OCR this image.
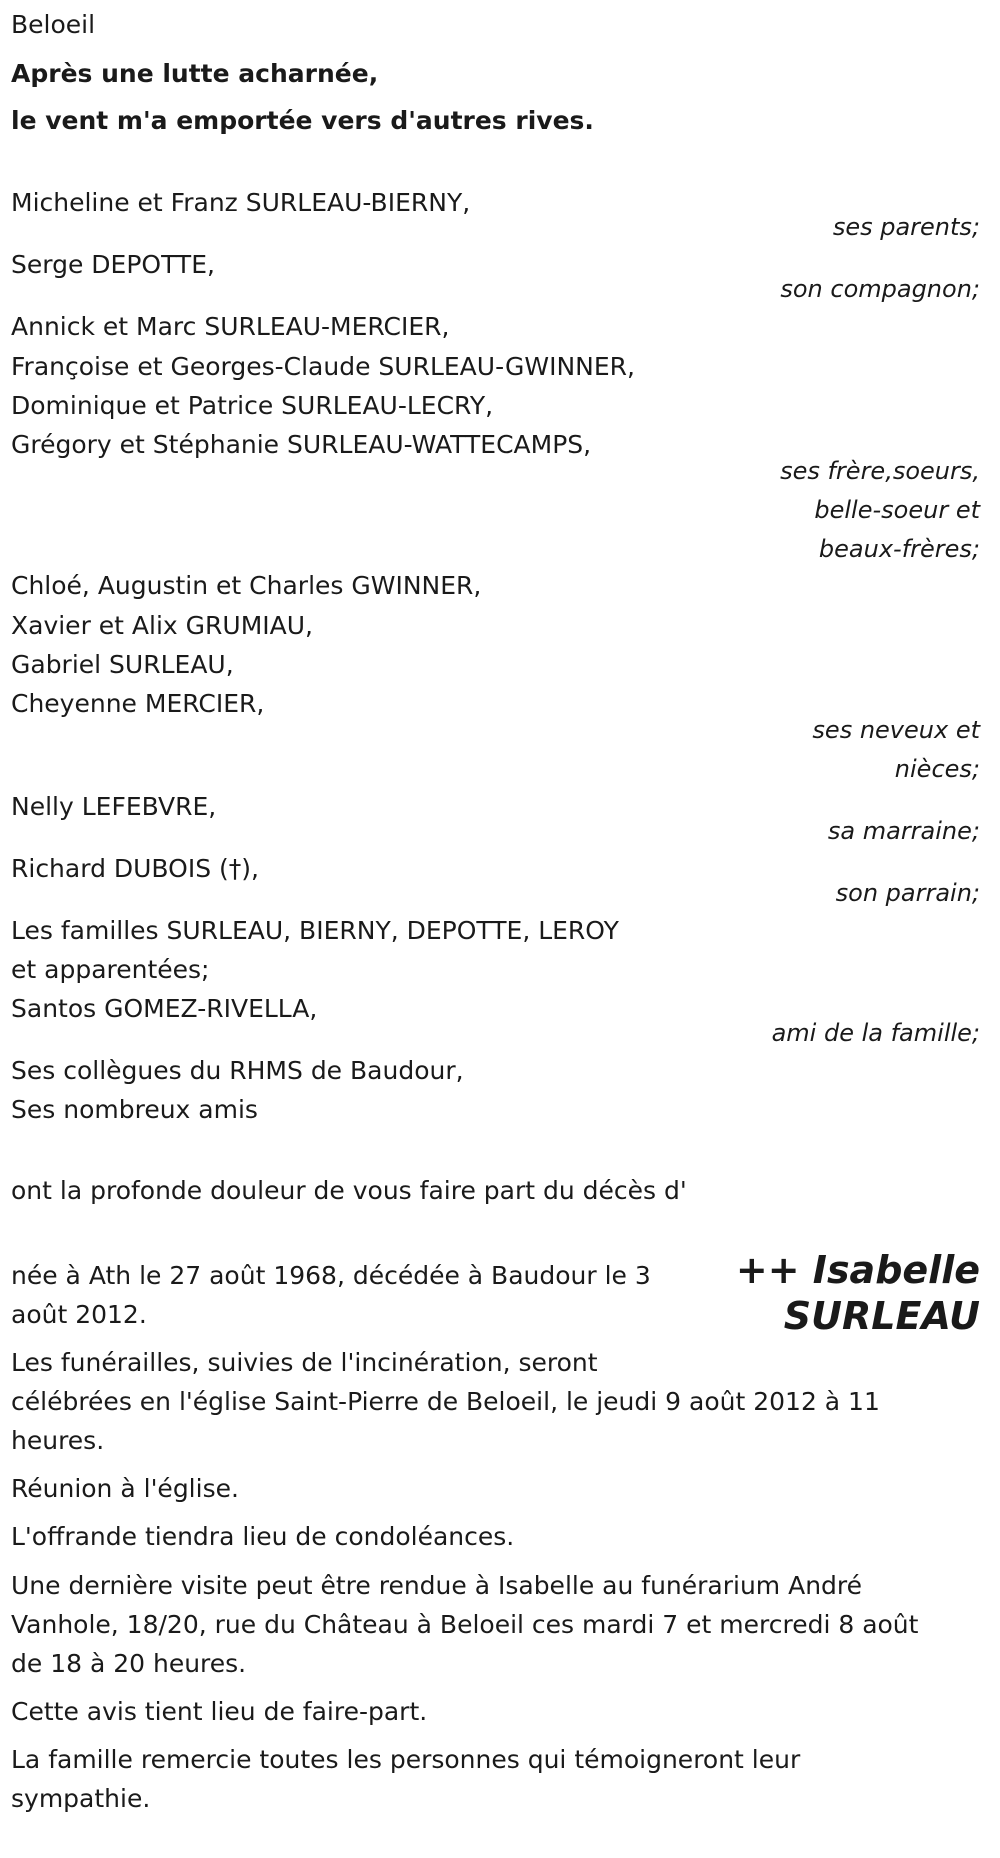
Beloeil

Après une lutte acharnée,

le vent m'a emportée vers d'autres rives.

Micheline et Franz SURLEAU-BIERNY,

ses parents;

Serge DEPOTTE,

son compagnon;

Annick et Marc SURLEAU-MERCIER,

Françoise et Georges-Claude SURLEAU-GWINNER,

Dominique et Patrice SURLEAU-LECRY,

Grégory et Stéphanie SURLEAU-WATTECAMPS,

ses frère,soeurs,

belle-soeur et

beaux-frères;

Chloé, Augustin et Charles GWINNER,

Xavier et Alix GRUMIAU,

Gabriel SURLEAU,

Cheyenne MERCIER,

ses neveux et

nièces;

Nelly LEFEBVRE,

sa marraine;

Richard DUBOIS (†),

son parrain;

Les familles SURLEAU, BIERNY, DEPOTTE, LEROY

et apparentées;

Santos GOMEZ-RIVELLA,

ami de la famille;

Ses collègues du RHMS de Baudour,

Ses nombreux amis

ont la profonde douleur de vous faire part du décès d'

++ Isabelle
SURLEAU

née à Ath le 27 août 1968, décédée à Baudour le 3

août 2012.

Les funérailles, suivies de l'incinération, seront

célébrées en l'église Saint-Pierre de Beloeil, le jeudi 9 août 2012 à 11

heures.

Réunion à l'église.

L'offrande tiendra lieu de condoléances.

Une dernière visite peut être rendue à Isabelle au funérarium André

Vanhole, 18/20, rue du Château à Beloeil ces mardi 7 et mercredi 8 août

de 18 à 20 heures.

Cette avis tient lieu de faire-part.

La famille remercie toutes les personnes qui témoigneront leur

sympathie.
